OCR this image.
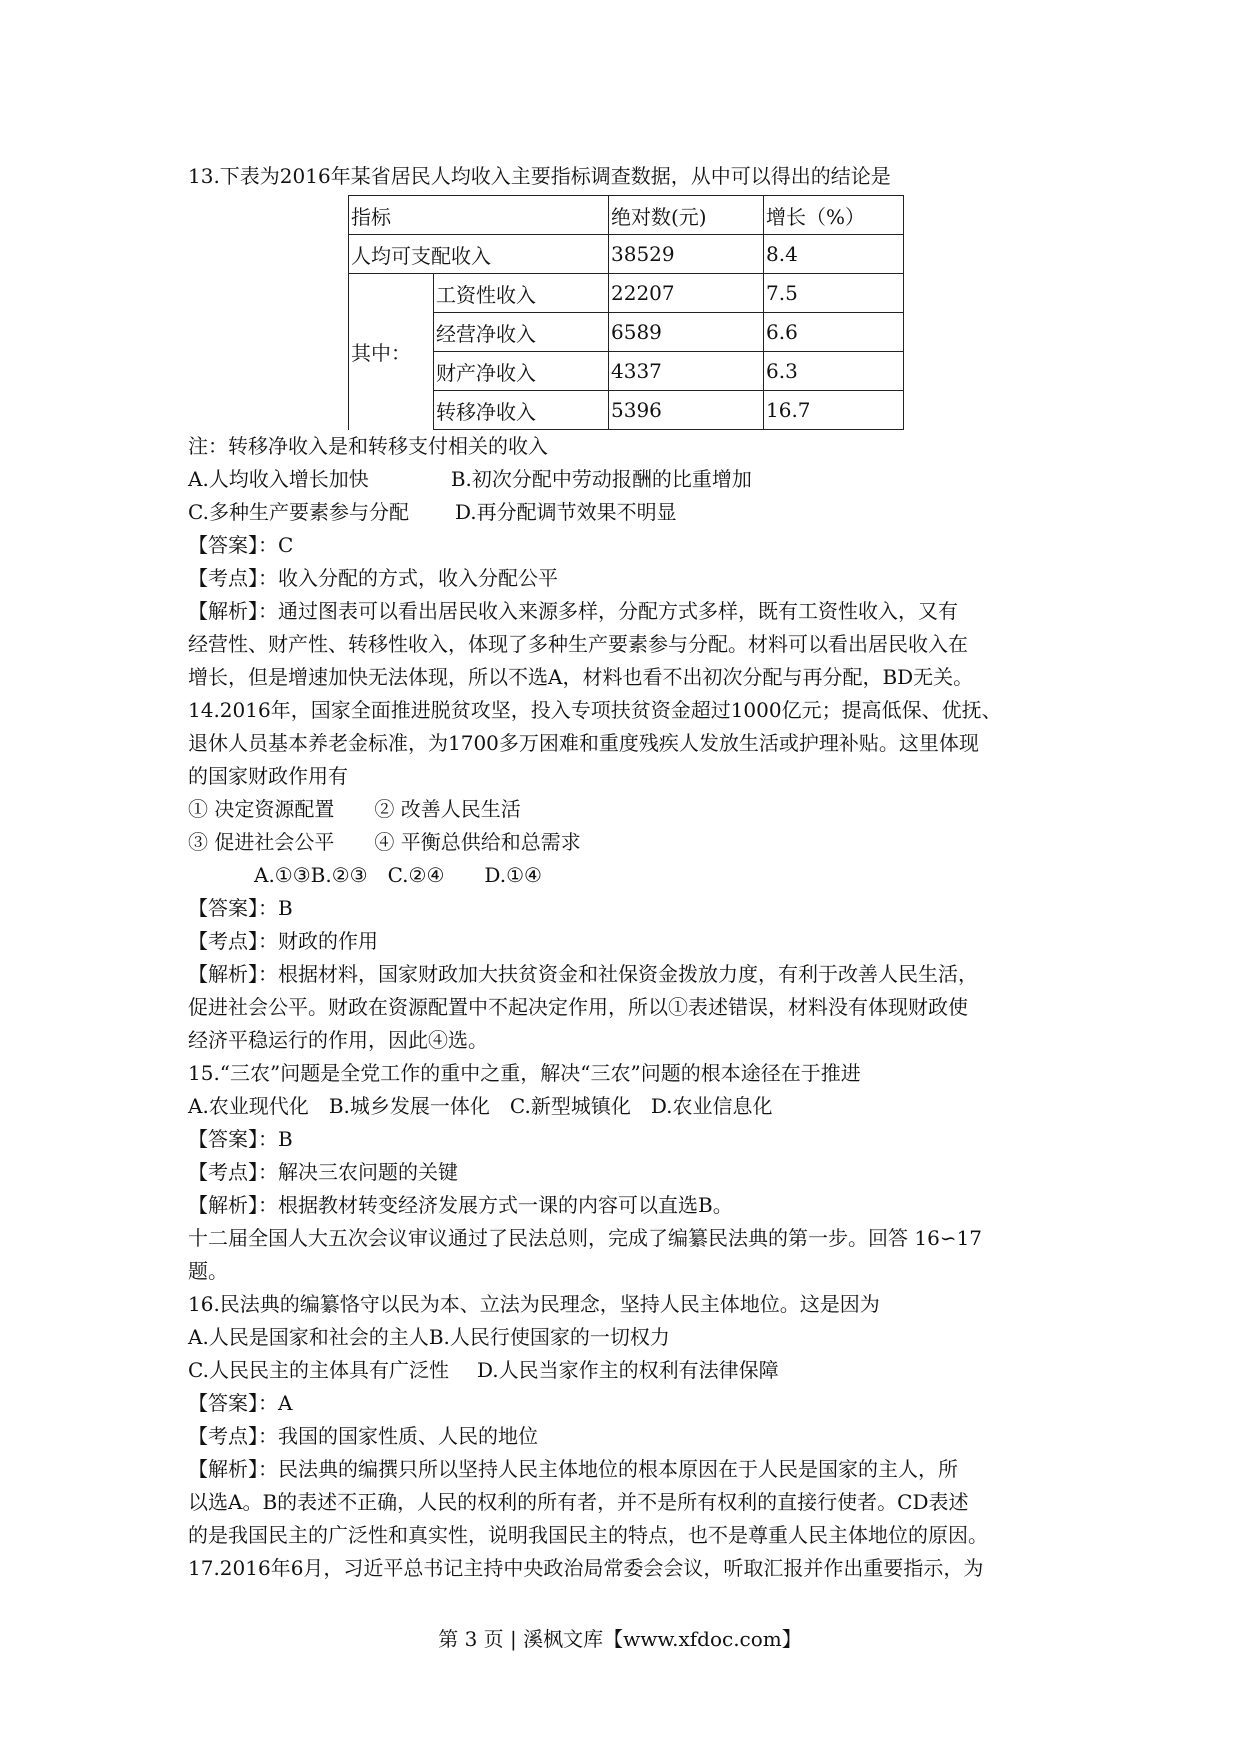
13.下表为2016年某省居民人均收入主要指标调查数据，从中可以得出的结论是
指标		绝对数(元)	增长（%）
人均可支配收入		38529	8.4
其中：	工资性收入	22207	7.5
	经营净收入	6589	6.6
	财产净收入	4337	6.3
	转移净收入	5396	16.7
注：转移净收入是和转移支付相关的收入
A.人均收入增长加快	B.初次分配中劳动报酬的比重增加
C.多种生产要素参与分配 D.再分配调节效果不明显
【答案】：C
【考点】：收入分配的方式，收入分配公平
【解析】：通过图表可以看出居民收入来源多样，分配方式多样，既有工资性收入，又有
经营性、财产性、转移性收入，体现了多种生产要素参与分配。材料可以看出居民收入在
增长，但是增速加快无法体现，所以不选A，材料也看不出初次分配与再分配，BD无关。
14.2016年，国家全面推进脱贫攻坚，投入专项扶贫资金超过1000亿元；提高低保、优抚、
退休人员基本养老金标准，为1700多万困难和重度残疾人发放生活或护理补贴。这里体现
的国家财政作用有
① 决定资源配置 ② 改善人民生活
③ 促进社会公平 ④ 平衡总供给和总需求
A.①③B.②③ C.②④ D.①④
【答案】：B
【考点】：财政的作用
【解析】：根据材料，国家财政加大扶贫资金和社保资金拨放力度，有利于改善人民生活，
促进社会公平。财政在资源配置中不起决定作用，所以①表述错误，材料没有体现财政使
经济平稳运行的作用，因此④选。
15.“三农”问题是全党工作的重中之重，解决“三农”问题的根本途径在于推进
A.农业现代化 B.城乡发展一体化 C.新型城镇化 D.农业信息化
【答案】：B
【考点】：解决三农问题的关键
【解析】：根据教材转变经济发展方式一课的内容可以直选B。
十二届全国人大五次会议审议通过了民法总则，完成了编纂民法典的第一步。回答 16∽17
题。
16.民法典的编纂恪守以民为本、立法为民理念，坚持人民主体地位。这是因为
A.人民是国家和社会的主人B.人民行使国家的一切权力
C.人民民主的主体具有广泛性 D.人民当家作主的权利有法律保障
【答案】：A
【考点】：我国的国家性质、人民的地位
【解析】：民法典的编撰只所以坚持人民主体地位的根本原因在于人民是国家的主人，所
以选A。B的表述不正确，人民的权利的所有者，并不是所有权利的直接行使者。CD表述
的是我国民主的广泛性和真实性，说明我国民主的特点，也不是尊重人民主体地位的原因。
17.2016年6月，习近平总书记主持中央政治局常委会会议，听取汇报并作出重要指示，为
第 3 页 | 溪枫文库【www.xfdoc.com】
